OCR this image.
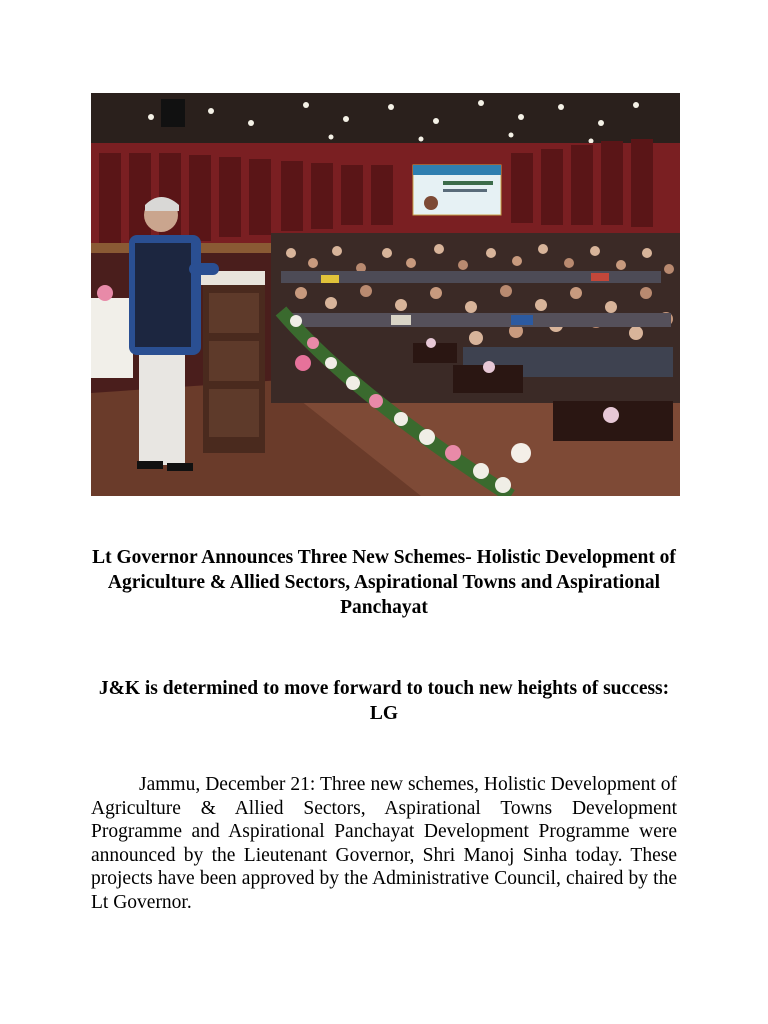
Lt Governor Announces Three New Schemes- Holistic Development of Agriculture & Allied Sectors, Aspirational Towns and Aspirational Panchayat
J&K is determined to move forward to touch new heights of success: LG

Jammu, December 21: Three new schemes, Holistic Development of Agriculture & Allied Sectors, Aspirational Towns Development Programme and Aspirational Panchayat Development Programme were announced by the Lieutenant Governor, Shri Manoj Sinha today. These projects have been approved by the Administrative Council, chaired by the Lt Governor.
